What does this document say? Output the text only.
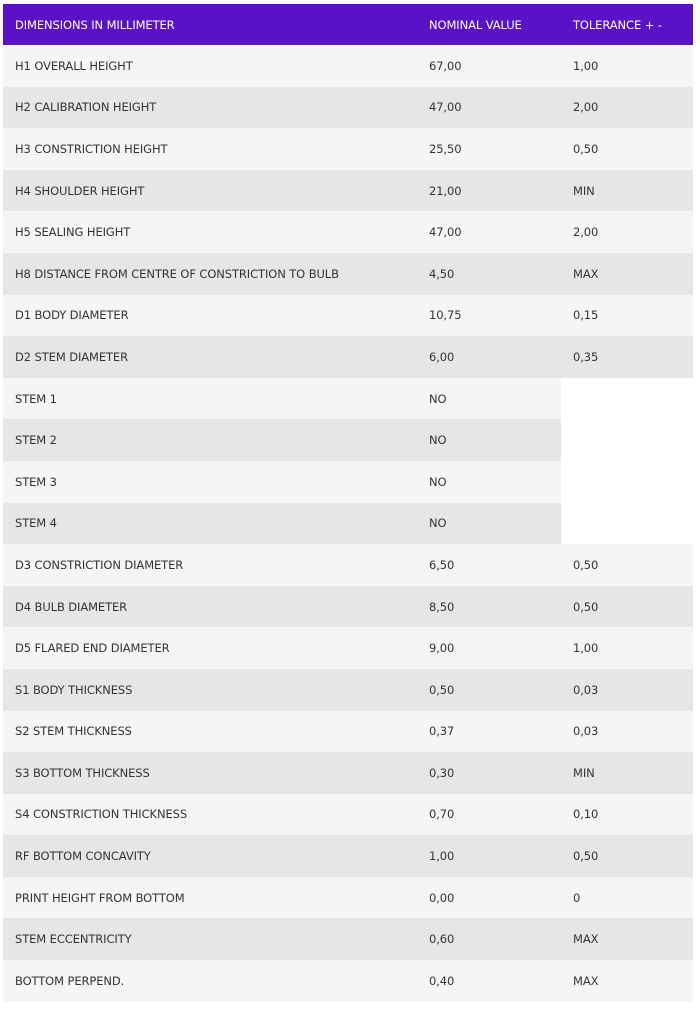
DIMENSIONS IN MILLIMETER	NOMINAL VALUE	TOLERANCE + -
H1 OVERALL HEIGHT	67,00	1,00
H2 CALIBRATION HEIGHT	47,00	2,00
H3 CONSTRICTION HEIGHT	25,50	0,50
H4 SHOULDER HEIGHT	21,00	MIN
H5 SEALING HEIGHT	47,00	2,00
H8 DISTANCE FROM CENTRE OF CONSTRICTION TO BULB	4,50	MAX
D1 BODY DIAMETER	10,75	0,15
D2 STEM DIAMETER	6,00	0,35
STEM 1	NO	
STEM 2	NO	
STEM 3	NO	
STEM 4	NO	
D3 CONSTRICTION DIAMETER	6,50	0,50
D4 BULB DIAMETER	8,50	0,50
D5 FLARED END DIAMETER	9,00	1,00
S1 BODY THICKNESS	0,50	0,03
S2 STEM THICKNESS	0,37	0,03
S3 BOTTOM THICKNESS	0,30	MIN
S4 CONSTRICTION THICKNESS	0,70	0,10
RF BOTTOM CONCAVITY	1,00	0,50
PRINT HEIGHT FROM BOTTOM	0,00	0
STEM ECCENTRICITY	0,60	MAX
BOTTOM PERPEND.	0,40	MAX
